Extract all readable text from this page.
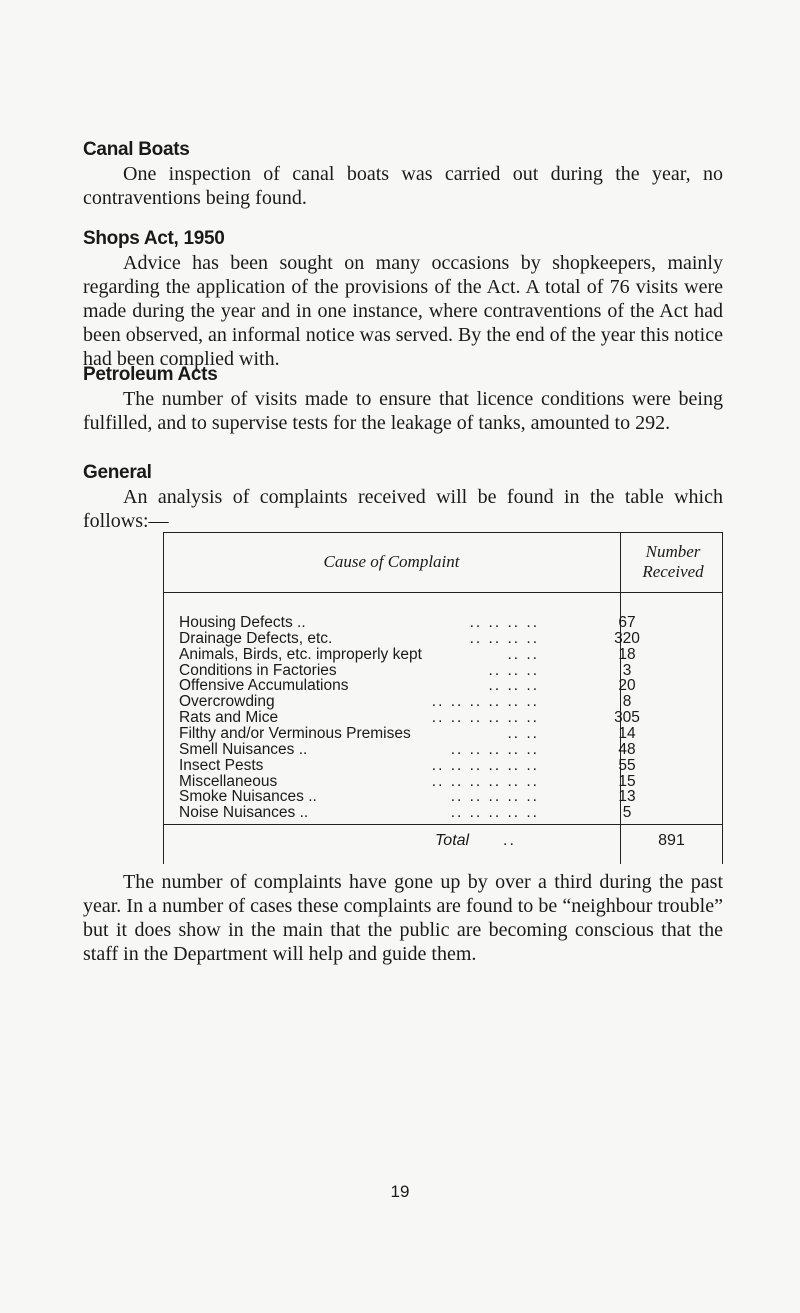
Canal Boats

One inspection of canal boats was carried out during the year, no contraventions being found.

Shops Act, 1950

Advice has been sought on many occasions by shopkeepers, mainly regarding the application of the provisions of the Act. A total of 76 visits were made during the year and in one instance, where contraventions of the Act had been observed, an informal notice was served. By the end of the year this notice had been complied with.

Petroleum Acts

The number of visits made to ensure that licence conditions were being fulfilled, and to supervise tests for the leakage of tanks, amounted to 292.

General

An analysis of complaints received will be found in the table which follows:—

Cause of Complaint
Number Received
Housing Defects ..	.. .. .. ..	67
Drainage Defects, etc.	.. .. .. ..	320
Animals, Birds, etc. improperly kept	.. ..	18
Conditions in Factories	.. .. ..	3
Offensive Accumulations	.. .. ..	20
Overcrowding	.. .. .. .. .. ..	8
Rats and Mice	.. .. .. .. .. ..	305
Filthy and/or Verminous Premises	.. ..	14
Smell Nuisances ..	.. .. .. .. ..	48
Insect Pests	.. .. .. .. .. ..	55
Miscellaneous	.. .. .. .. .. ..	15
Smoke Nuisances ..	.. .. .. .. ..	13
Noise Nuisances ..	.. .. .. .. ..	5
Total ..	891

The number of complaints have gone up by over a third during the past year. In a number of cases these complaints are found to be “neighbour trouble” but it does show in the main that the public are becoming conscious that the staff in the Department will help and guide them.

19
